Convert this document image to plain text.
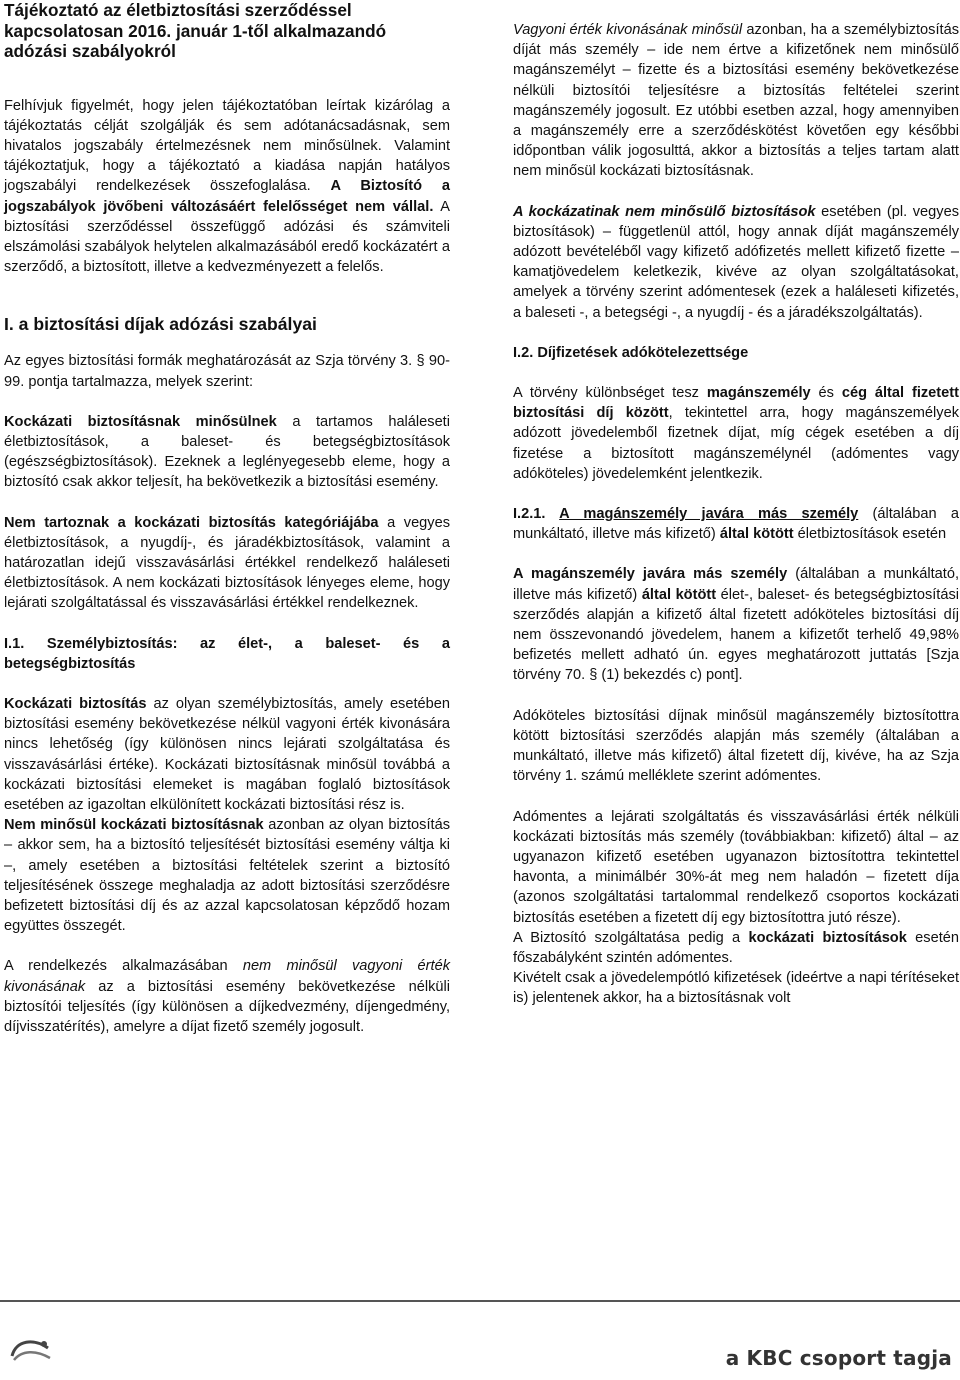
Tájékoztató az életbiztosítási szerződéssel
kapcsolatosan 2016. január 1-től alkalmazandó
adózási szabályokról

Felhívjuk figyelmét, hogy jelen tájékoztatóban leírtak kizárólag a tájékoztatás célját szolgálják és sem adótanácsadásnak, sem hivatalos jogszabály értelmezésnek nem minősülnek. Valamint tájékoztatjuk, hogy a tájékoztató a kiadása napján hatályos jogszabályi rendelkezések összefoglalása. A Biztosító a jogszabályok jövőbeni változásáért felelősséget nem vállal. A biztosítási szerződéssel összefüggő adózási és számviteli elszámolási szabályok helytelen alkalmazásából eredő kockázatért a szerződő, a biztosított, illetve a kedvezményezett a felelős.

I. a biztosítási díjak adózási szabályai

Az egyes biztosítási formák meghatározását az Szja törvény 3. § 90-99. pontja tartalmazza, melyek szerint:

Kockázati biztosításnak minősülnek a tartamos haláleseti életbiztosítások, a baleset- és betegségbiztosítások (egészségbiztosítások). Ezeknek a leglényegesebb eleme, hogy a biztosító csak akkor teljesít, ha bekövetkezik a biztosítási esemény.

Nem tartoznak a kockázati biztosítás kategóriájába a vegyes életbiztosítások, a nyugdíj-, és járadékbiztosítások, valamint a határozatlan idejű visszavásárlási értékkel rendelkező haláleseti életbiztosítások. A nem kockázati biztosítások lényeges eleme, hogy lejárati szolgáltatással és visszavásárlási értékkel rendelkeznek.

I.1. Személybiztosítás: az élet-, a baleset- és a betegségbiztosítás

Kockázati biztosítás az olyan személybiztosítás, amely esetében biztosítási esemény bekövetkezése nélkül vagyoni érték kivonására nincs lehetőség (így különösen nincs lejárati szolgáltatása és visszavásárlási értéke). Kockázati biztosításnak minősül továbbá a kockázati biztosítási elemeket is magában foglaló biztosítások esetében az igazoltan elkülönített kockázati biztosítási rész is.

Nem minősül kockázati biztosításnak azonban az olyan biztosítás – akkor sem, ha a biztosító teljesítését biztosítási esemény váltja ki –, amely esetében a biztosítási feltételek szerint a biztosító teljesítésének összege meghaladja az adott biztosítási szerződésre befizetett biztosítási díj és az azzal kapcsolatosan képződő hozam együttes összegét.

A rendelkezés alkalmazásában nem minősül vagyoni érték kivonásának az a biztosítási esemény bekövetkezése nélküli biztosítói teljesítés (így különösen a díjkedvezmény, díjengedmény, díjvisszatérítés), amelyre a díjat fizető személy jogosult.

Vagyoni érték kivonásának minősül azonban, ha a személybiztosítás díját más személy – ide nem értve a kifizetőnek nem minősülő magánszemélyt – fizette és a biztosítási esemény bekövetkezése nélküli biztosítói teljesítésre a biztosítás feltételei szerint magánszemély jogosult. Ez utóbbi esetben azzal, hogy amennyiben a magánszemély erre a szerződéskötést követően egy későbbi időpontban válik jogosulttá, akkor a biztosítás a teljes tartam alatt nem minősül kockázati biztosításnak.

A kockázatinak nem minősülő biztosítások esetében (pl. vegyes biztosítások) – függetlenül attól, hogy annak díját magánszemély adózott bevételéből vagy kifizető adófizetés mellett kifizető fizette – kamatjövedelem keletkezik, kivéve az olyan szolgáltatásokat, amelyek a törvény szerint adómentesek (ezek a haláleseti kifizetés, a baleseti -, a betegségi -, a nyugdíj - és a járadékszolgáltatás).

I.2. Díjfizetések adókötelezettsége

A törvény különbséget tesz magánszemély és cég által fizetett biztosítási díj között, tekintettel arra, hogy magánszemélyek adózott jövedelemből fizetnek díjat, míg cégek esetében a díj fizetése a biztosított magánszemélynél (adómentes vagy adóköteles) jövedelemként jelentkezik.

I.2.1. A magánszemély javára más személy (általában a munkáltató, illetve más kifizető) által kötött életbiztosítások esetén

A magánszemély javára más személy (általában a munkáltató, illetve más kifizető) által kötött élet-, baleset- és betegségbiztosítási szerződés alapján a kifizető által fizetett adóköteles biztosítási díj nem összevonandó jövedelem, hanem a kifizetőt terhelő 49,98% befizetés mellett adható ún. egyes meghatározott juttatás [Szja törvény 70. § (1) bekezdés c) pont].

Adóköteles biztosítási díjnak minősül magánszemély biztosítottra kötött biztosítási szerződés alapján más személy (általában a munkáltató, illetve más kifizető) által fizetett díj, kivéve, ha az Szja törvény 1. számú melléklete szerint adómentes.

Adómentes a lejárati szolgáltatás és visszavásárlási érték nélküli kockázati biztosítás más személy (továbbiakban: kifizető) által – az ugyanazon kifizető esetében ugyanazon biztosítottra tekintettel havonta, a minimálbér 30%-át meg nem haladón – fizetett díja (azonos szolgáltatási tartalommal rendelkező csoportos kockázati biztosítás esetében a fizetett díj egy biztosítottra jutó része).

A Biztosító szolgáltatása pedig a kockázati biztosítások esetén főszabályként szintén adómentes.

Kivételt csak a jövedelempótló kifizetések (ideértve a napi térítéseket is) jelentenek akkor, ha a biztosításnak volt

a KBC csoport tagja
